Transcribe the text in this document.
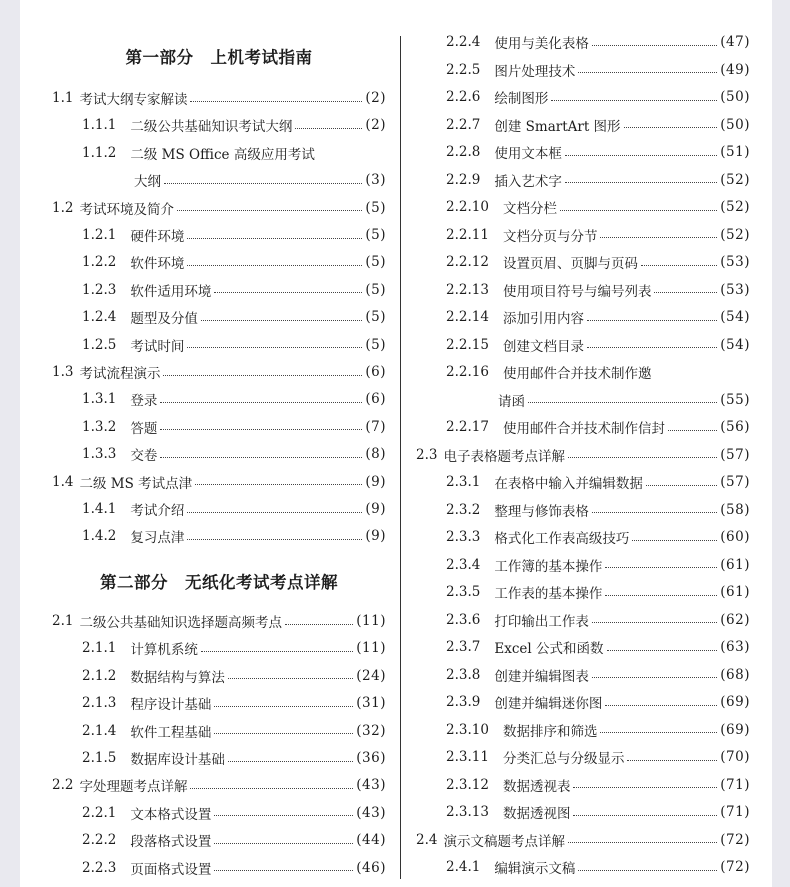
第一部分　上机考试指南
第二部分　无纸化考试考点详解
1.1 考试大纲专家解读	(2)
1.1.1 二级公共基础知识考试大纲	(2)
1.1.2 二级 MS Office 高级应用考试
大纲	(3)
1.2 考试环境及简介	(5)
1.2.1 硬件环境	(5)
1.2.2 软件环境	(5)
1.2.3 软件适用环境	(5)
1.2.4 题型及分值	(5)
1.2.5 考试时间	(5)
1.3 考试流程演示	(6)
1.3.1 登录	(6)
1.3.2 答题	(7)
1.3.3 交卷	(8)
1.4 二级 MS 考试点津	(9)
1.4.1 考试介绍	(9)
1.4.2 复习点津	(9)
2.1 二级公共基础知识选择题高频考点	(11)
2.1.1 计算机系统	(11)
2.1.2 数据结构与算法	(24)
2.1.3 程序设计基础	(31)
2.1.4 软件工程基础	(32)
2.1.5 数据库设计基础	(36)
2.2 字处理题考点详解	(43)
2.2.1 文本格式设置	(43)
2.2.2 段落格式设置	(44)
2.2.3 页面格式设置	(46)
2.2.4 使用与美化表格	(47)
2.2.5 图片处理技术	(49)
2.2.6 绘制图形	(50)
2.2.7 创建 SmartArt 图形	(50)
2.2.8 使用文本框	(51)
2.2.9 插入艺术字	(52)
2.2.10 文档分栏	(52)
2.2.11 文档分页与分节	(52)
2.2.12 设置页眉、页脚与页码	(53)
2.2.13 使用项目符号与编号列表	(53)
2.2.14 添加引用内容	(54)
2.2.15 创建文档目录	(54)
2.2.16 使用邮件合并技术制作邀
请函	(55)
2.2.17 使用邮件合并技术制作信封	(56)
2.3 电子表格题考点详解	(57)
2.3.1 在表格中输入并编辑数据	(57)
2.3.2 整理与修饰表格	(58)
2.3.3 格式化工作表高级技巧	(60)
2.3.4 工作簿的基本操作	(61)
2.3.5 工作表的基本操作	(61)
2.3.6 打印输出工作表	(62)
2.3.7 Excel 公式和函数	(63)
2.3.8 创建并编辑图表	(68)
2.3.9 创建并编辑迷你图	(69)
2.3.10 数据排序和筛选	(69)
2.3.11 分类汇总与分级显示	(70)
2.3.12 数据透视表	(71)
2.3.13 数据透视图	(71)
2.4 演示文稿题考点详解	(72)
2.4.1 编辑演示文稿	(72)
